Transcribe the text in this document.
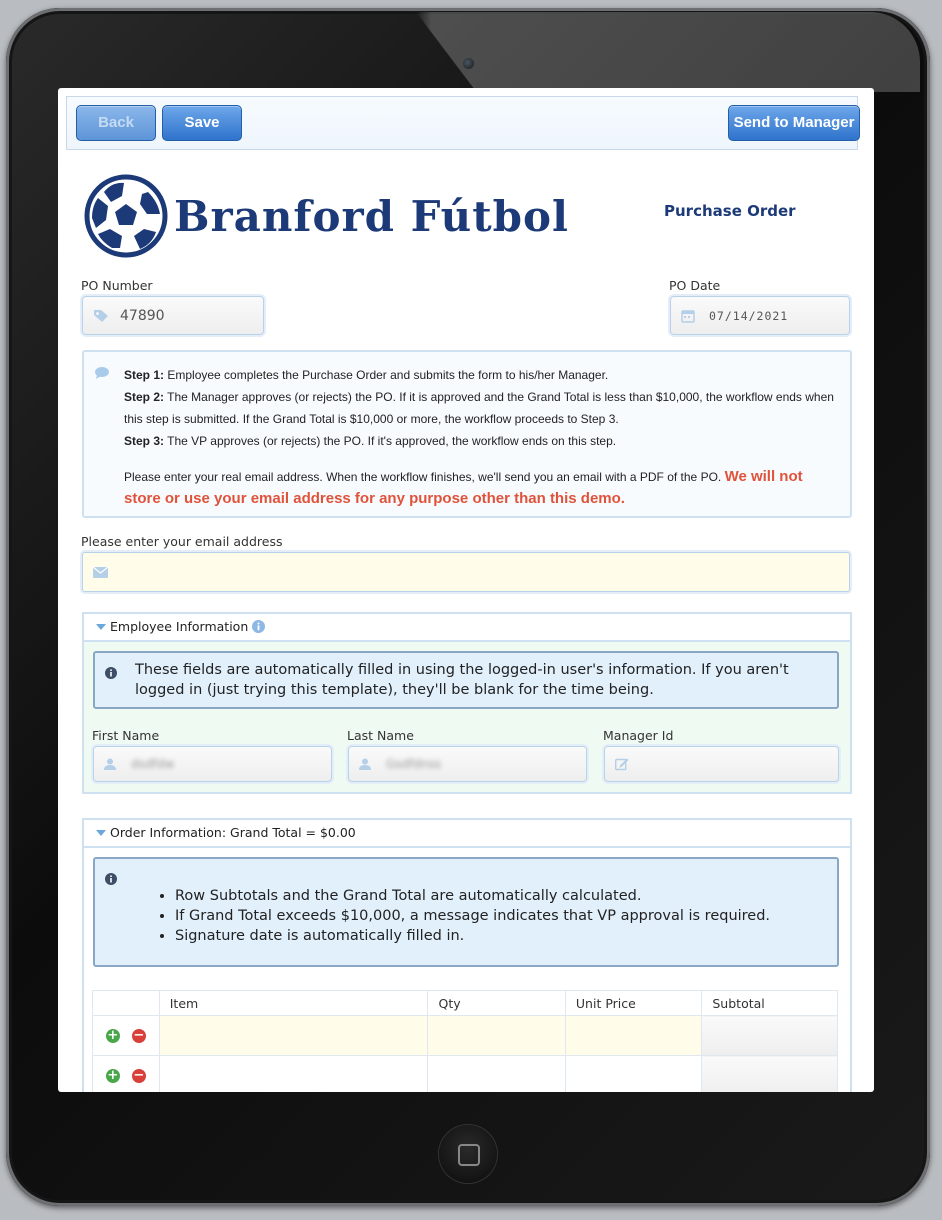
Back	Save	Send to Manager
Branford Fútbol	Purchase Order
PO Number
47890
PO Date
07/14/2021
Step 1: Employee completes the Purchase Order and submits the form to his/her Manager.
Step 2: The Manager approves (or rejects) the PO. If it is approved and the Grand Total is less than $10,000, the workflow ends when this step is submitted. If the Grand Total is $10,000 or more, the workflow proceeds to Step 3.
Step 3: The VP approves (or rejects) the PO. If it's approved, the workflow ends on this step.
Please enter your real email address. When the workflow finishes, we'll send you an email with a PDF of the PO. We will not store or use your email address for any purpose other than this demo.
Please enter your email address
Employee Information
These fields are automatically filled in using the logged-in user's information. If you aren't logged in (just trying this template), they'll be blank for the time being.
First Name
dsdfdw
Last Name
Gsdfdnss
Manager Id
Order Information: Grand Total = $0.00
• Row Subtotals and the Grand Total are automatically calculated.
• If Grand Total exceeds $10,000, a message indicates that VP approval is required.
• Signature date is automatically filled in.
	Item	Qty	Unit Price	Subtotal
+ −				
+ −				
